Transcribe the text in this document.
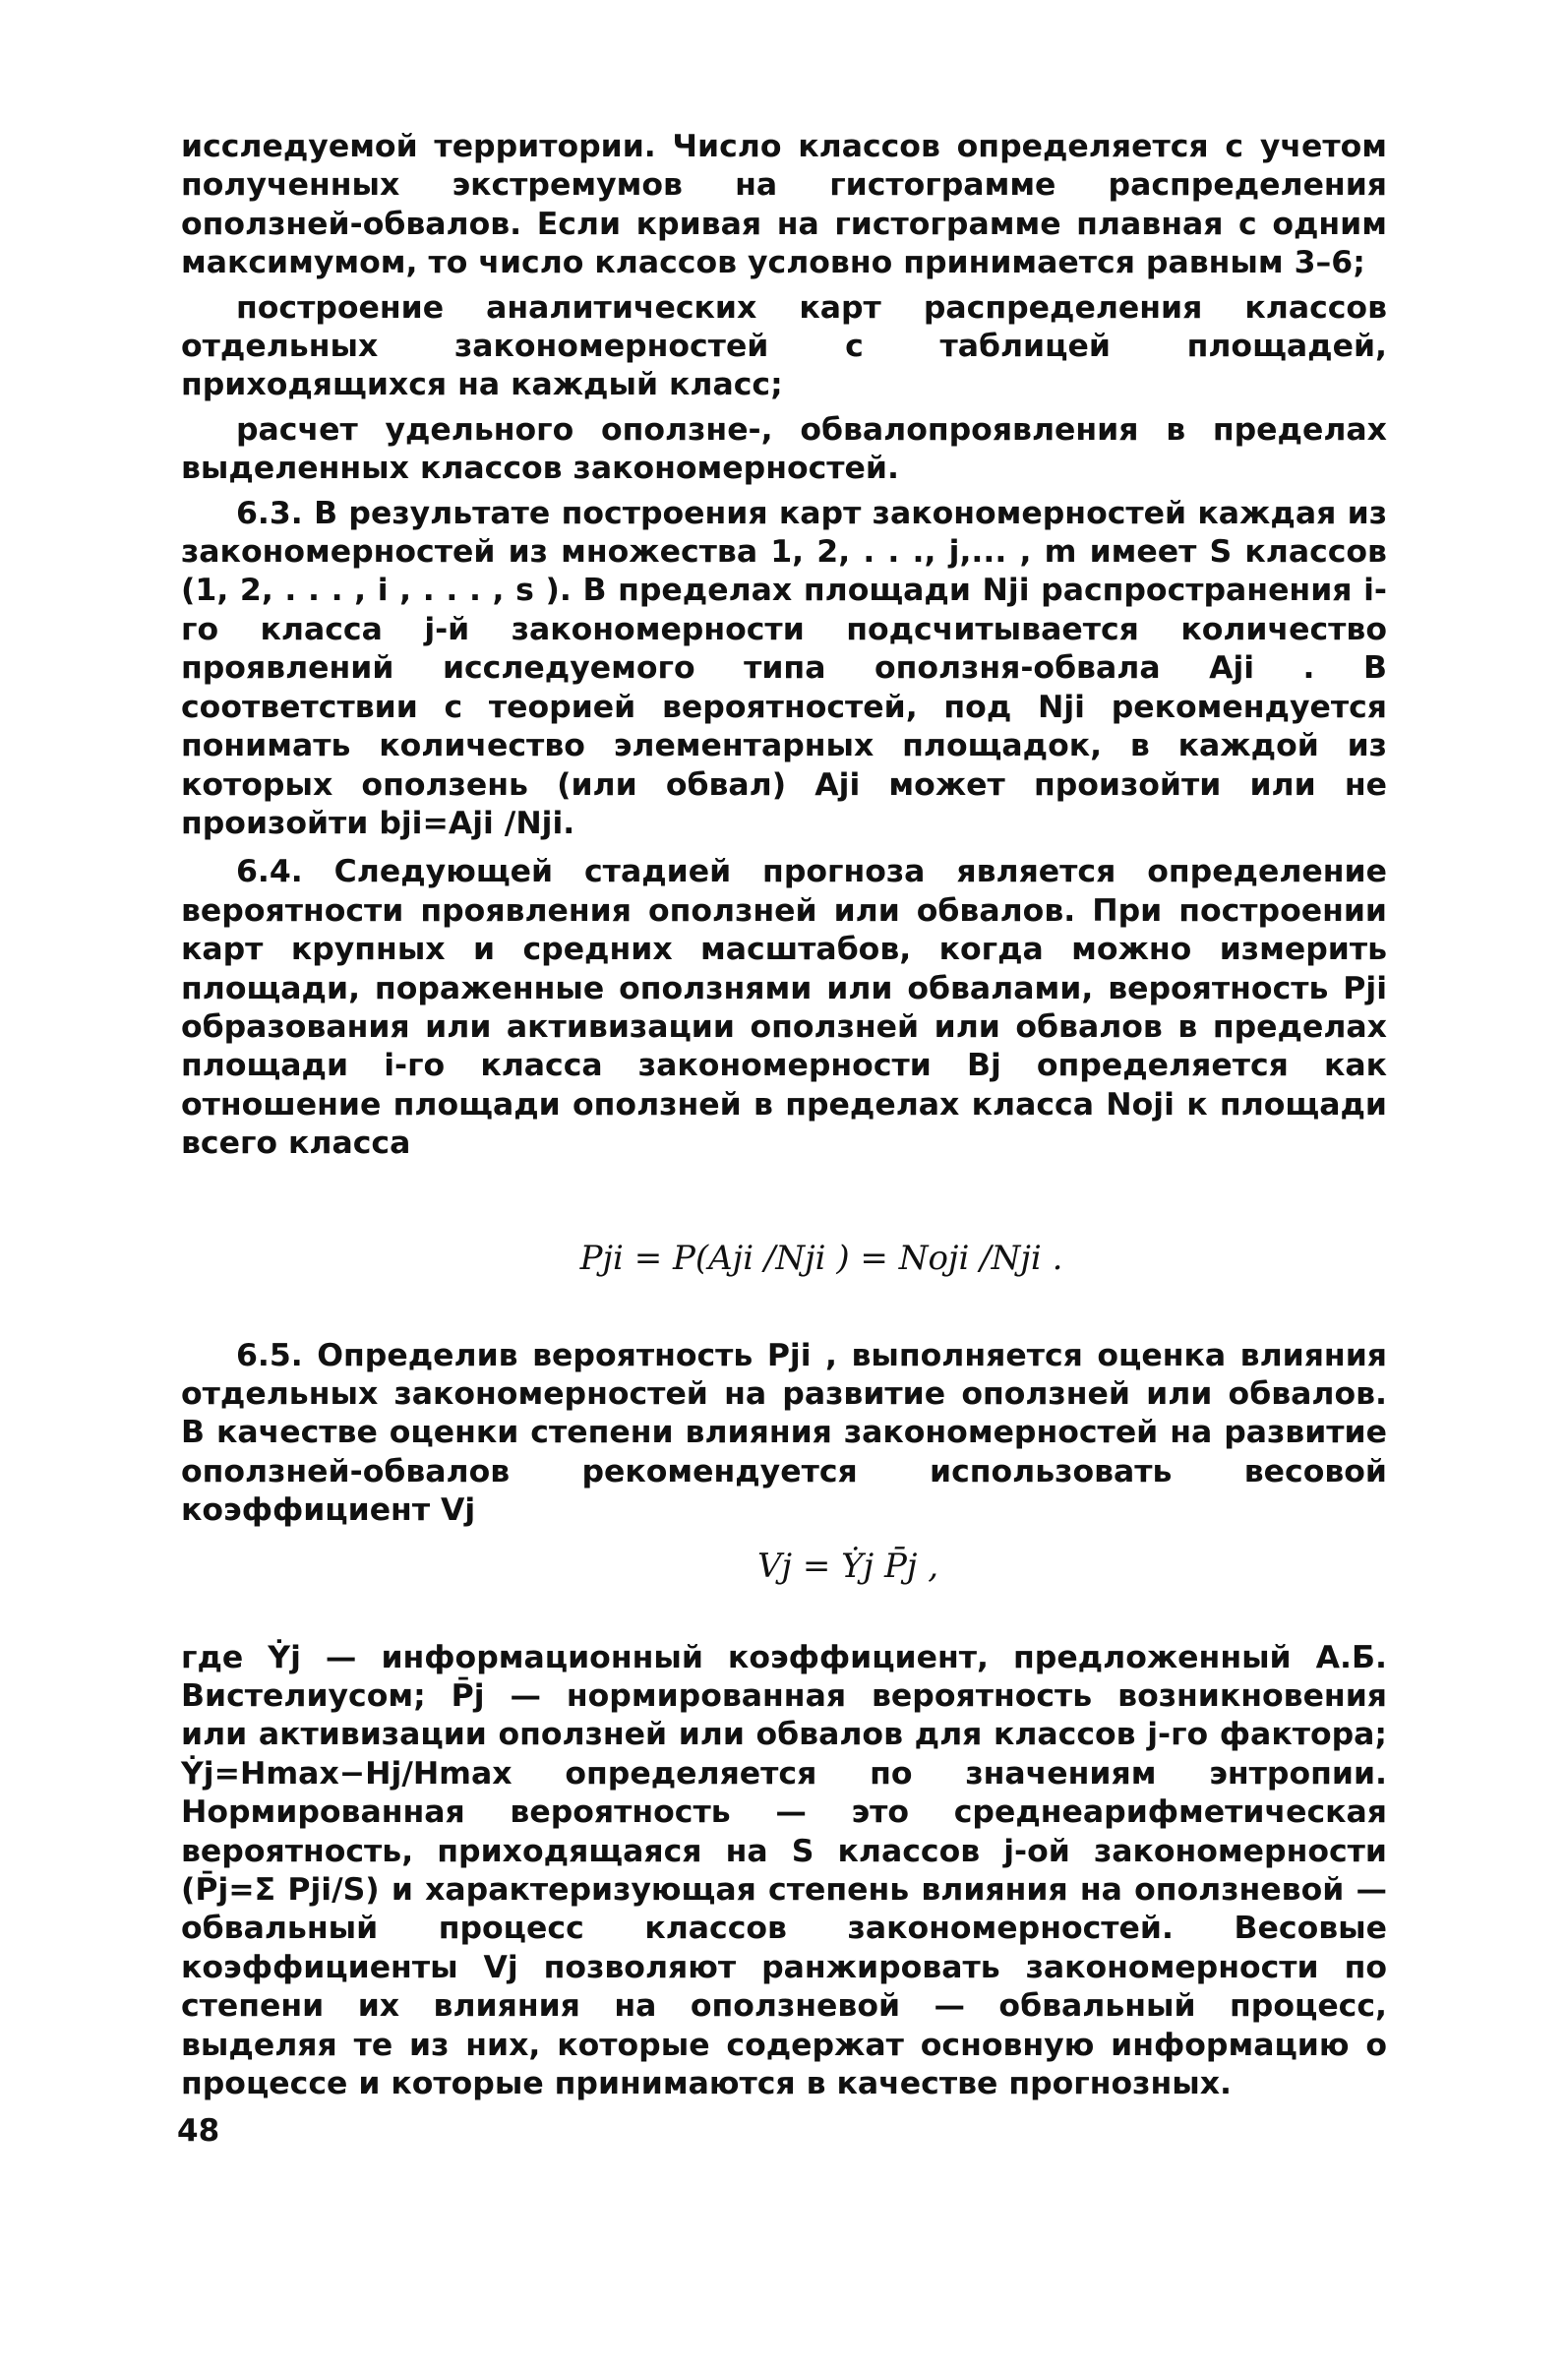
исследуемой территории. Число классов определяется с учетом полученных экстремумов на гистограмме распределения оползней-обвалов. Если кривая на гистограмме плавная с одним максимумом, то число классов условно принимается равным 3–6;

построение аналитических карт распределения классов отдельных закономерностей с таблицей площадей, приходящихся на каждый класс;

расчет удельного оползне-, обвалопроявления в пределах выделенных классов закономерностей.

6.3. В результате построения карт закономерностей каждая из закономерностей из множества 1, 2, . . ., j,... , m имеет S классов (1, 2, . . . , i , . . . , s ). В пределах площади Nji распространения i-го класса j-й закономерности подсчитывается количество проявлений исследуемого типа оползня-обвала Aji . В соответствии с теорией вероятностей, под Nji рекомендуется понимать количество элементарных площадок, в каждой из которых оползень (или обвал) Aji может произойти или не произойти bji=Aji /Nji.

6.4. Следующей стадией прогноза является определение вероятности проявления оползней или обвалов. При построении карт крупных и средних масштабов, когда можно измерить площади, пораженные оползнями или обвалами, вероятность Pji образования или активизации оползней или обвалов в пределах площади i-го класса закономерности Bj определяется как отношение площади оползней в пределах класса Noji к площади всего класса

Pji = P(Aji /Nji ) = Noji /Nji .

6.5. Определив вероятность Pji , выполняется оценка влияния отдельных закономерностей на развитие оползней или обвалов. В качестве оценки степени влияния закономерностей на развитие оползней-обвалов рекомендуется использовать весовой коэффициент Vj

Vj = Ẏj P̄j ,

где Ẏj — информационный коэффициент, предложенный А.Б. Вистелиусом; P̄j — нормированная вероятность возникновения или активизации оползней или обвалов для классов j-го фактора; Ẏj=Hmax−Hj/Hmax определяется по значениям энтропии. Нормированная вероятность — это среднеарифметическая вероятность, приходящаяся на S классов j-ой закономерности (P̄j=Σ Pji/S) и характеризующая степень влияния на оползневой — обвальный процесс классов закономерностей. Весовые коэффициенты Vj позволяют ранжировать закономерности по степени их влияния на оползневой — обвальный процесс, выделяя те из них, которые содержат основную информацию о процессе и которые принимаются в качестве прогнозных.

48
